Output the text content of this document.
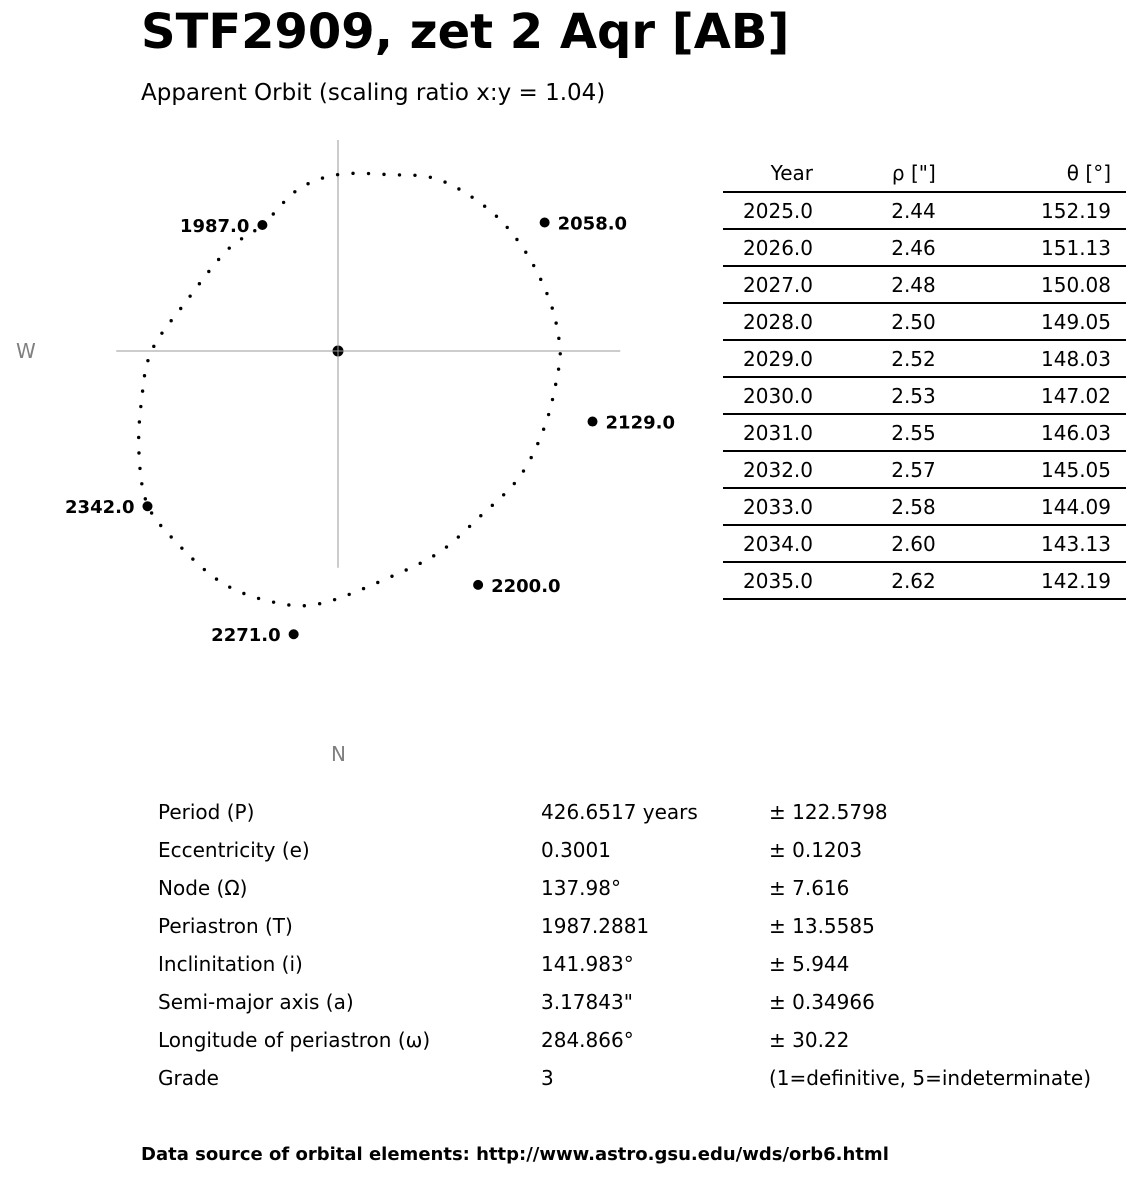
STF2909, zet 2 Aqr [AB]
Apparent Orbit (scaling ratio x:y = 1.04)
1987.0	2058.0
2129.0
2200.0
2271.0
2342.0
W
N
Year	ρ ["]	θ [°]
2025.0	2.44	152.19
2026.0	2.46	151.13
2027.0	2.48	150.08
2028.0	2.50	149.05
2029.0	2.52	148.03
2030.0	2.53	147.02
2031.0	2.55	146.03
2032.0	2.57	145.05
2033.0	2.58	144.09
2034.0	2.60	143.13
2035.0	2.62	142.19
Period (P)	426.6517 years	± 122.5798
Eccentricity (e)	0.3001	± 0.1203
Node (Ω)	137.98°	± 7.616
Periastron (T)	1987.2881	± 13.5585
Inclinitation (i)	141.983°	± 5.944
Semi-major axis (a)	3.17843"	± 0.34966
Longitude of periastron (ω)	284.866°	± 30.22
Grade	3	(1=definitive, 5=indeterminate)
Data source of orbital elements: http://www.astro.gsu.edu/wds/orb6.html
